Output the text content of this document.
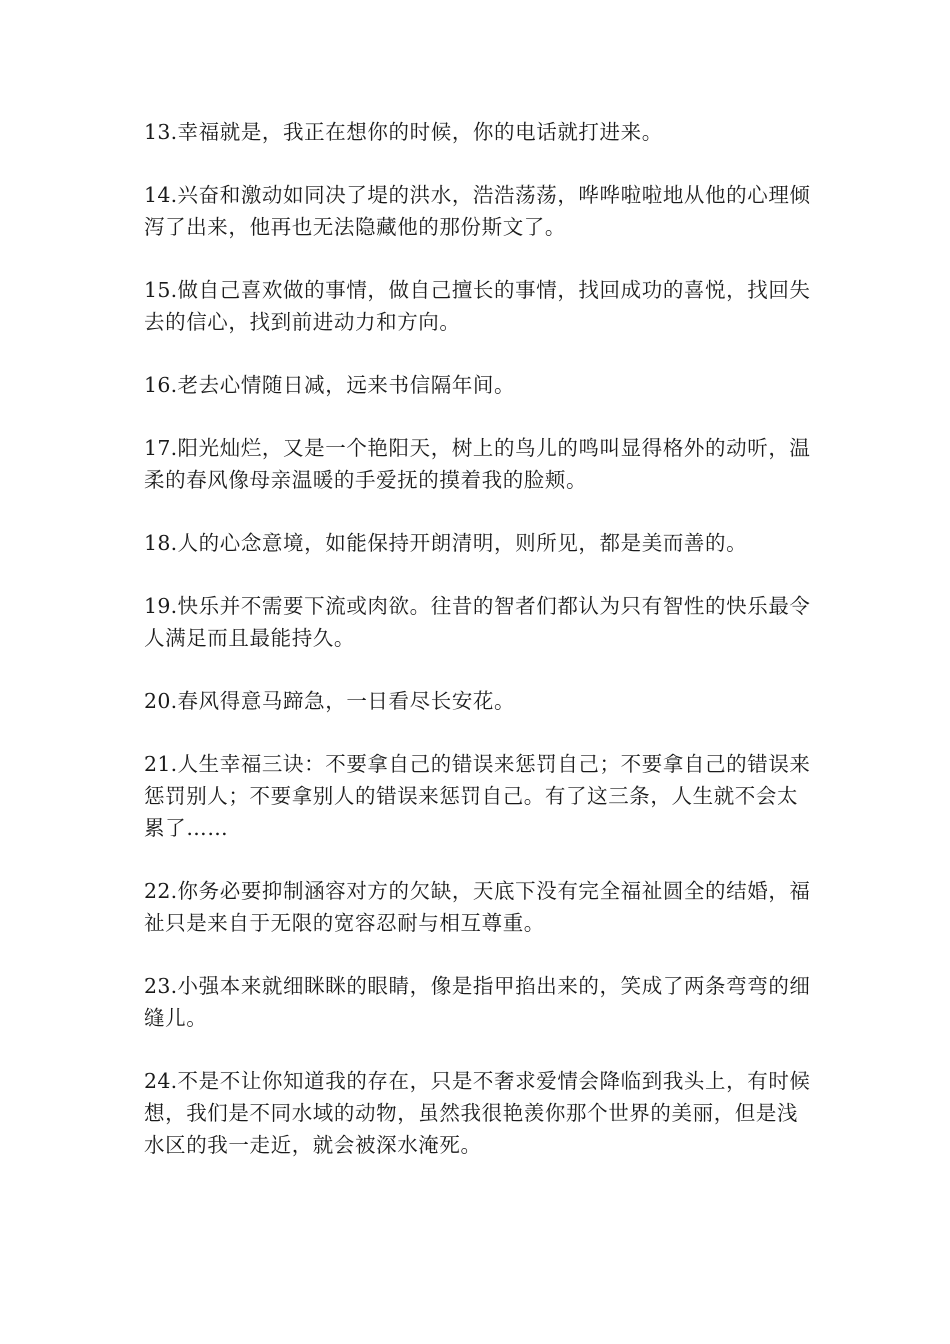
13.幸福就是，我正在想你的时候，你的电话就打进来。

14.兴奋和激动如同决了堤的洪水，浩浩荡荡，哗哗啦啦地从他的心理倾泻了出来，他再也无法隐藏他的那份斯文了。

15.做自己喜欢做的事情，做自己擅长的事情，找回成功的喜悦，找回失去的信心，找到前进动力和方向。

16.老去心情随日减，远来书信隔年间。

17.阳光灿烂，又是一个艳阳天，树上的鸟儿的鸣叫显得格外的动听，温柔的春风像母亲温暖的手爱抚的摸着我的脸颊。

18.人的心念意境，如能保持开朗清明，则所见，都是美而善的。

19.快乐并不需要下流或肉欲。往昔的智者们都认为只有智性的快乐最令人满足而且最能持久。

20.春风得意马蹄急，一日看尽长安花。

21.人生幸福三诀：不要拿自己的错误来惩罚自己；不要拿自己的错误来惩罚别人；不要拿别人的错误来惩罚自己。有了这三条，人生就不会太累了……

22.你务必要抑制涵容对方的欠缺，天底下没有完全福祉圆全的结婚，福祉只是来自于无限的宽容忍耐与相互尊重。

23.小强本来就细眯眯的眼睛，像是指甲掐出来的，笑成了两条弯弯的细缝儿。

24.不是不让你知道我的存在，只是不奢求爱情会降临到我头上，有时候想，我们是不同水域的动物，虽然我很艳羡你那个世界的美丽，但是浅水区的我一走近，就会被深水淹死。
